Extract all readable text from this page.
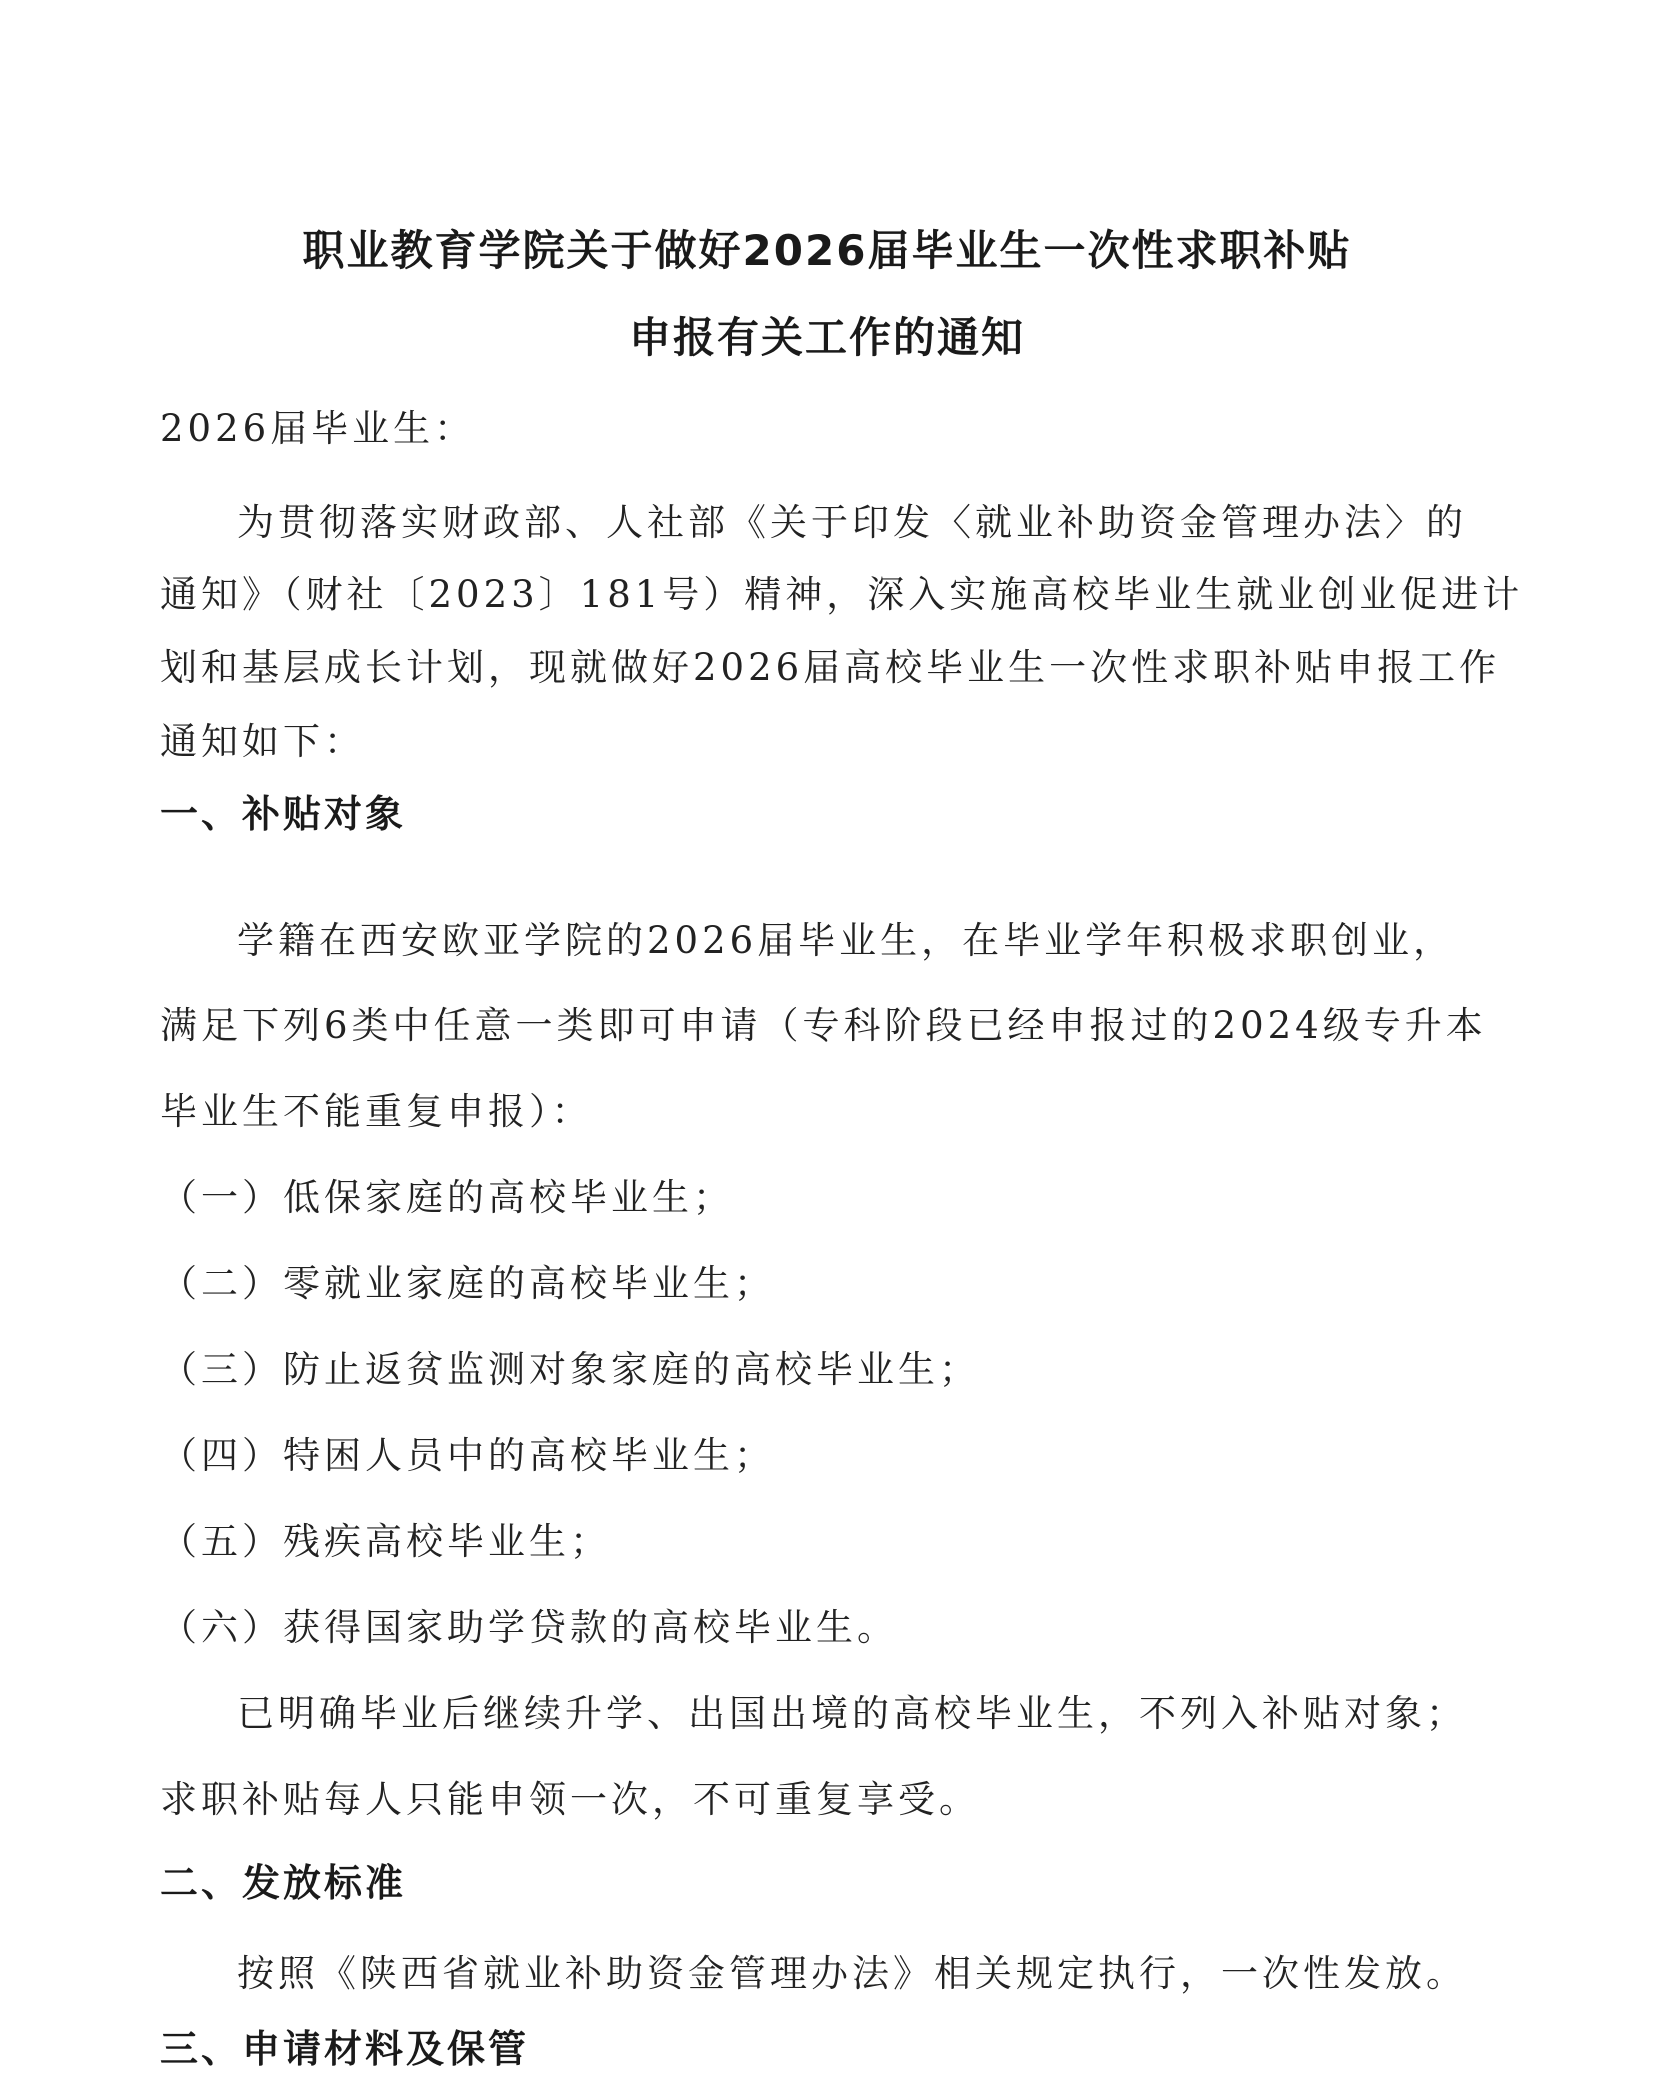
职业教育学院关于做好2026届毕业生一次性求职补贴
申报有关工作的通知
2026届毕业生：
为贯彻落实财政部、人社部《关于印发〈就业补助资金管理办法〉的
通知》（财社〔2023〕181号）精神，深入实施高校毕业生就业创业促进计
划和基层成长计划，现就做好2026届高校毕业生一次性求职补贴申报工作
通知如下：
一、补贴对象
学籍在西安欧亚学院的2026届毕业生，在毕业学年积极求职创业，
满足下列6类中任意一类即可申请（专科阶段已经申报过的2024级专升本
毕业生不能重复申报）：
（一）低保家庭的高校毕业生；
（二）零就业家庭的高校毕业生；
（三）防止返贫监测对象家庭的高校毕业生；
（四）特困人员中的高校毕业生；
（五）残疾高校毕业生；
（六）获得国家助学贷款的高校毕业生。
已明确毕业后继续升学、出国出境的高校毕业生，不列入补贴对象；
求职补贴每人只能申领一次，不可重复享受。
二、发放标准
按照《陕西省就业补助资金管理办法》相关规定执行，一次性发放。
三、申请材料及保管
